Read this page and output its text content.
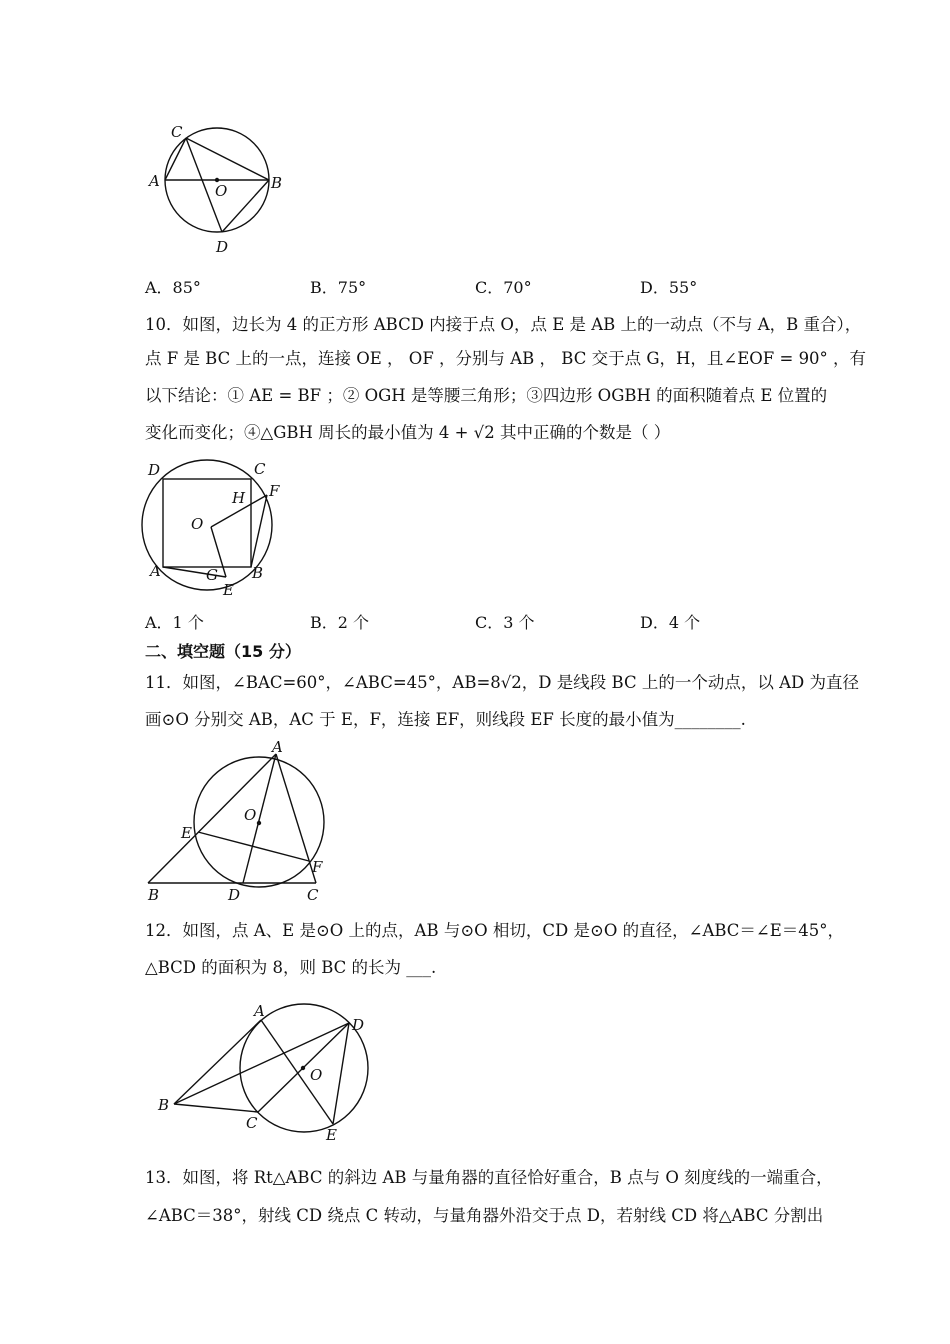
C
A
O	B
D
A．85°	B．75°	C．70°	D．55°
10．如图，边长为 4 的正方形 ABCD 内接于点 O，点 E 是 AB 上的一动点（不与 A，B 重合），
点 F 是 BC 上的一点，连接 OE ， OF ，分别与 AB ， BC 交于点 G，H，且∠EOF = 90° ，有
以下结论：① AE = BF ；② OGH 是等腰三角形；③四边形 OGBH 的面积随着点 E 位置的
变化而变化；④△GBH 周长的最小值为 4 + √2 其中正确的个数是（ ）
D	C
H F
O
A	G B
E
A．1 个	B．2 个	C．3 个	D．4 个
二、填空题（15 分）
11．如图，∠BAC=60°，∠ABC=45°，AB=8√2，D 是线段 BC 上的一个动点，以 AD 为直径
画⊙O 分别交 AB，AC 于 E，F，连接 EF，则线段 EF 长度的最小值为________.
A
O
E
F
B	D	C
12．如图，点 A、E 是⊙O 上的点，AB 与⊙O 相切，CD 是⊙O 的直径，∠ABC＝∠E＝45°，
△BCD 的面积为 8，则 BC 的长为 ___.
A
D
O
B
C
E
13．如图，将 Rt△ABC 的斜边 AB 与量角器的直径恰好重合，B 点与 O 刻度线的一端重合，
∠ABC＝38°，射线 CD 绕点 C 转动，与量角器外沿交于点 D，若射线 CD 将△ABC 分割出
